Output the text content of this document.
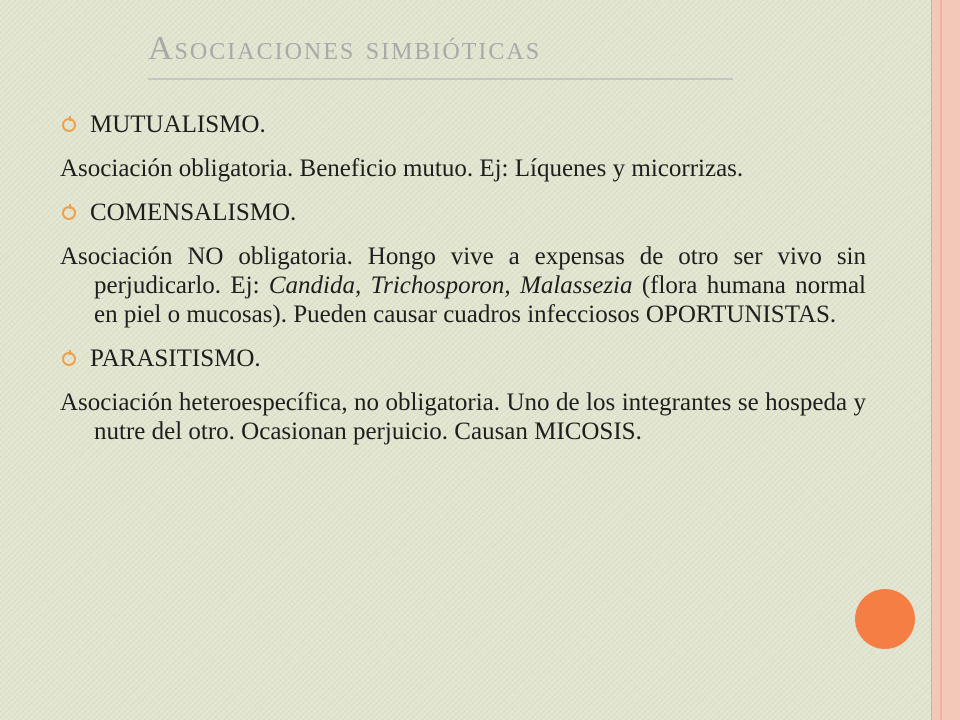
Asociaciones simbióticas
MUTUALISMO.
Asociación obligatoria. Beneficio mutuo. Ej: Líquenes y micorrizas.
COMENSALISMO.
Asociación NO obligatoria. Hongo vive a expensas de otro ser vivo sin perjudicarlo. Ej: Candida, Trichosporon, Malassezia (flora humana normal en piel o mucosas). Pueden causar cuadros infecciosos OPORTUNISTAS.
PARASITISMO.
Asociación heteroespecífica, no obligatoria. Uno de los integrantes se hospeda y nutre del otro. Ocasionan perjuicio. Causan MICOSIS.
